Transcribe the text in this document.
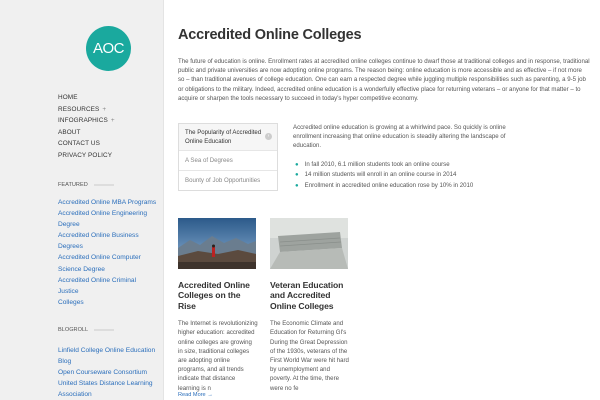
AOC
HOME
RESOURCES +
INFOGRAPHICS +
ABOUT
CONTACT US
PRIVACY POLICY
FEATURED
Accredited Online MBA Programs
Accredited Online Engineering
Degree
Accredited Online Business
Degrees
Accredited Online Computer
Science Degree
Accredited Online Criminal Justice
Colleges
BLOGROLL
Linfield College Online Education
Blog
Open Courseware Consortium
United States Distance Learning
Association
Accredited Online Colleges

The future of education is online. Enrollment rates at accredited online colleges continue to dwarf those at traditional colleges and in response, traditional public and private universities are now adopting online programs. The reason being: online education is more accessible and as effective – if not more so – than traditional avenues of college education. One can earn a respected degree while juggling multiple responsibilities such as parenting, a 9-5 job or obligations to the military. Indeed, accredited online education is a wonderfully effective place for returning veterans – or anyone for that matter – to acquire or sharpen the tools necessary to succeed in today's hyper competitive economy.

The Popularity of Accredited Online Education
›
A Sea of Degrees
Bounty of Job Opportunities

Accredited online education is growing at a whirlwind pace. So quickly is online enrollment increasing that online education is steadily altering the landscape of education.

● In fall 2010, 6.1 million students took an online course
● 14 million students will enroll in an online course in 2014
● Enrollment in accredited online education rose by 10% in 2010
Accredited Online Colleges on the Rise

The Internet is revolutionizing higher education: accredited online colleges are growing in size, traditional colleges are adopting online programs, and all trends indicate that distance learning is n

Veteran Education and Accredited Online Colleges

The Economic Climate and Education for Returning GI's During the Great Depression of the 1930s, veterans of the First World War were hit hard by unemployment and poverty. At the time, there were no fe

Read More →
